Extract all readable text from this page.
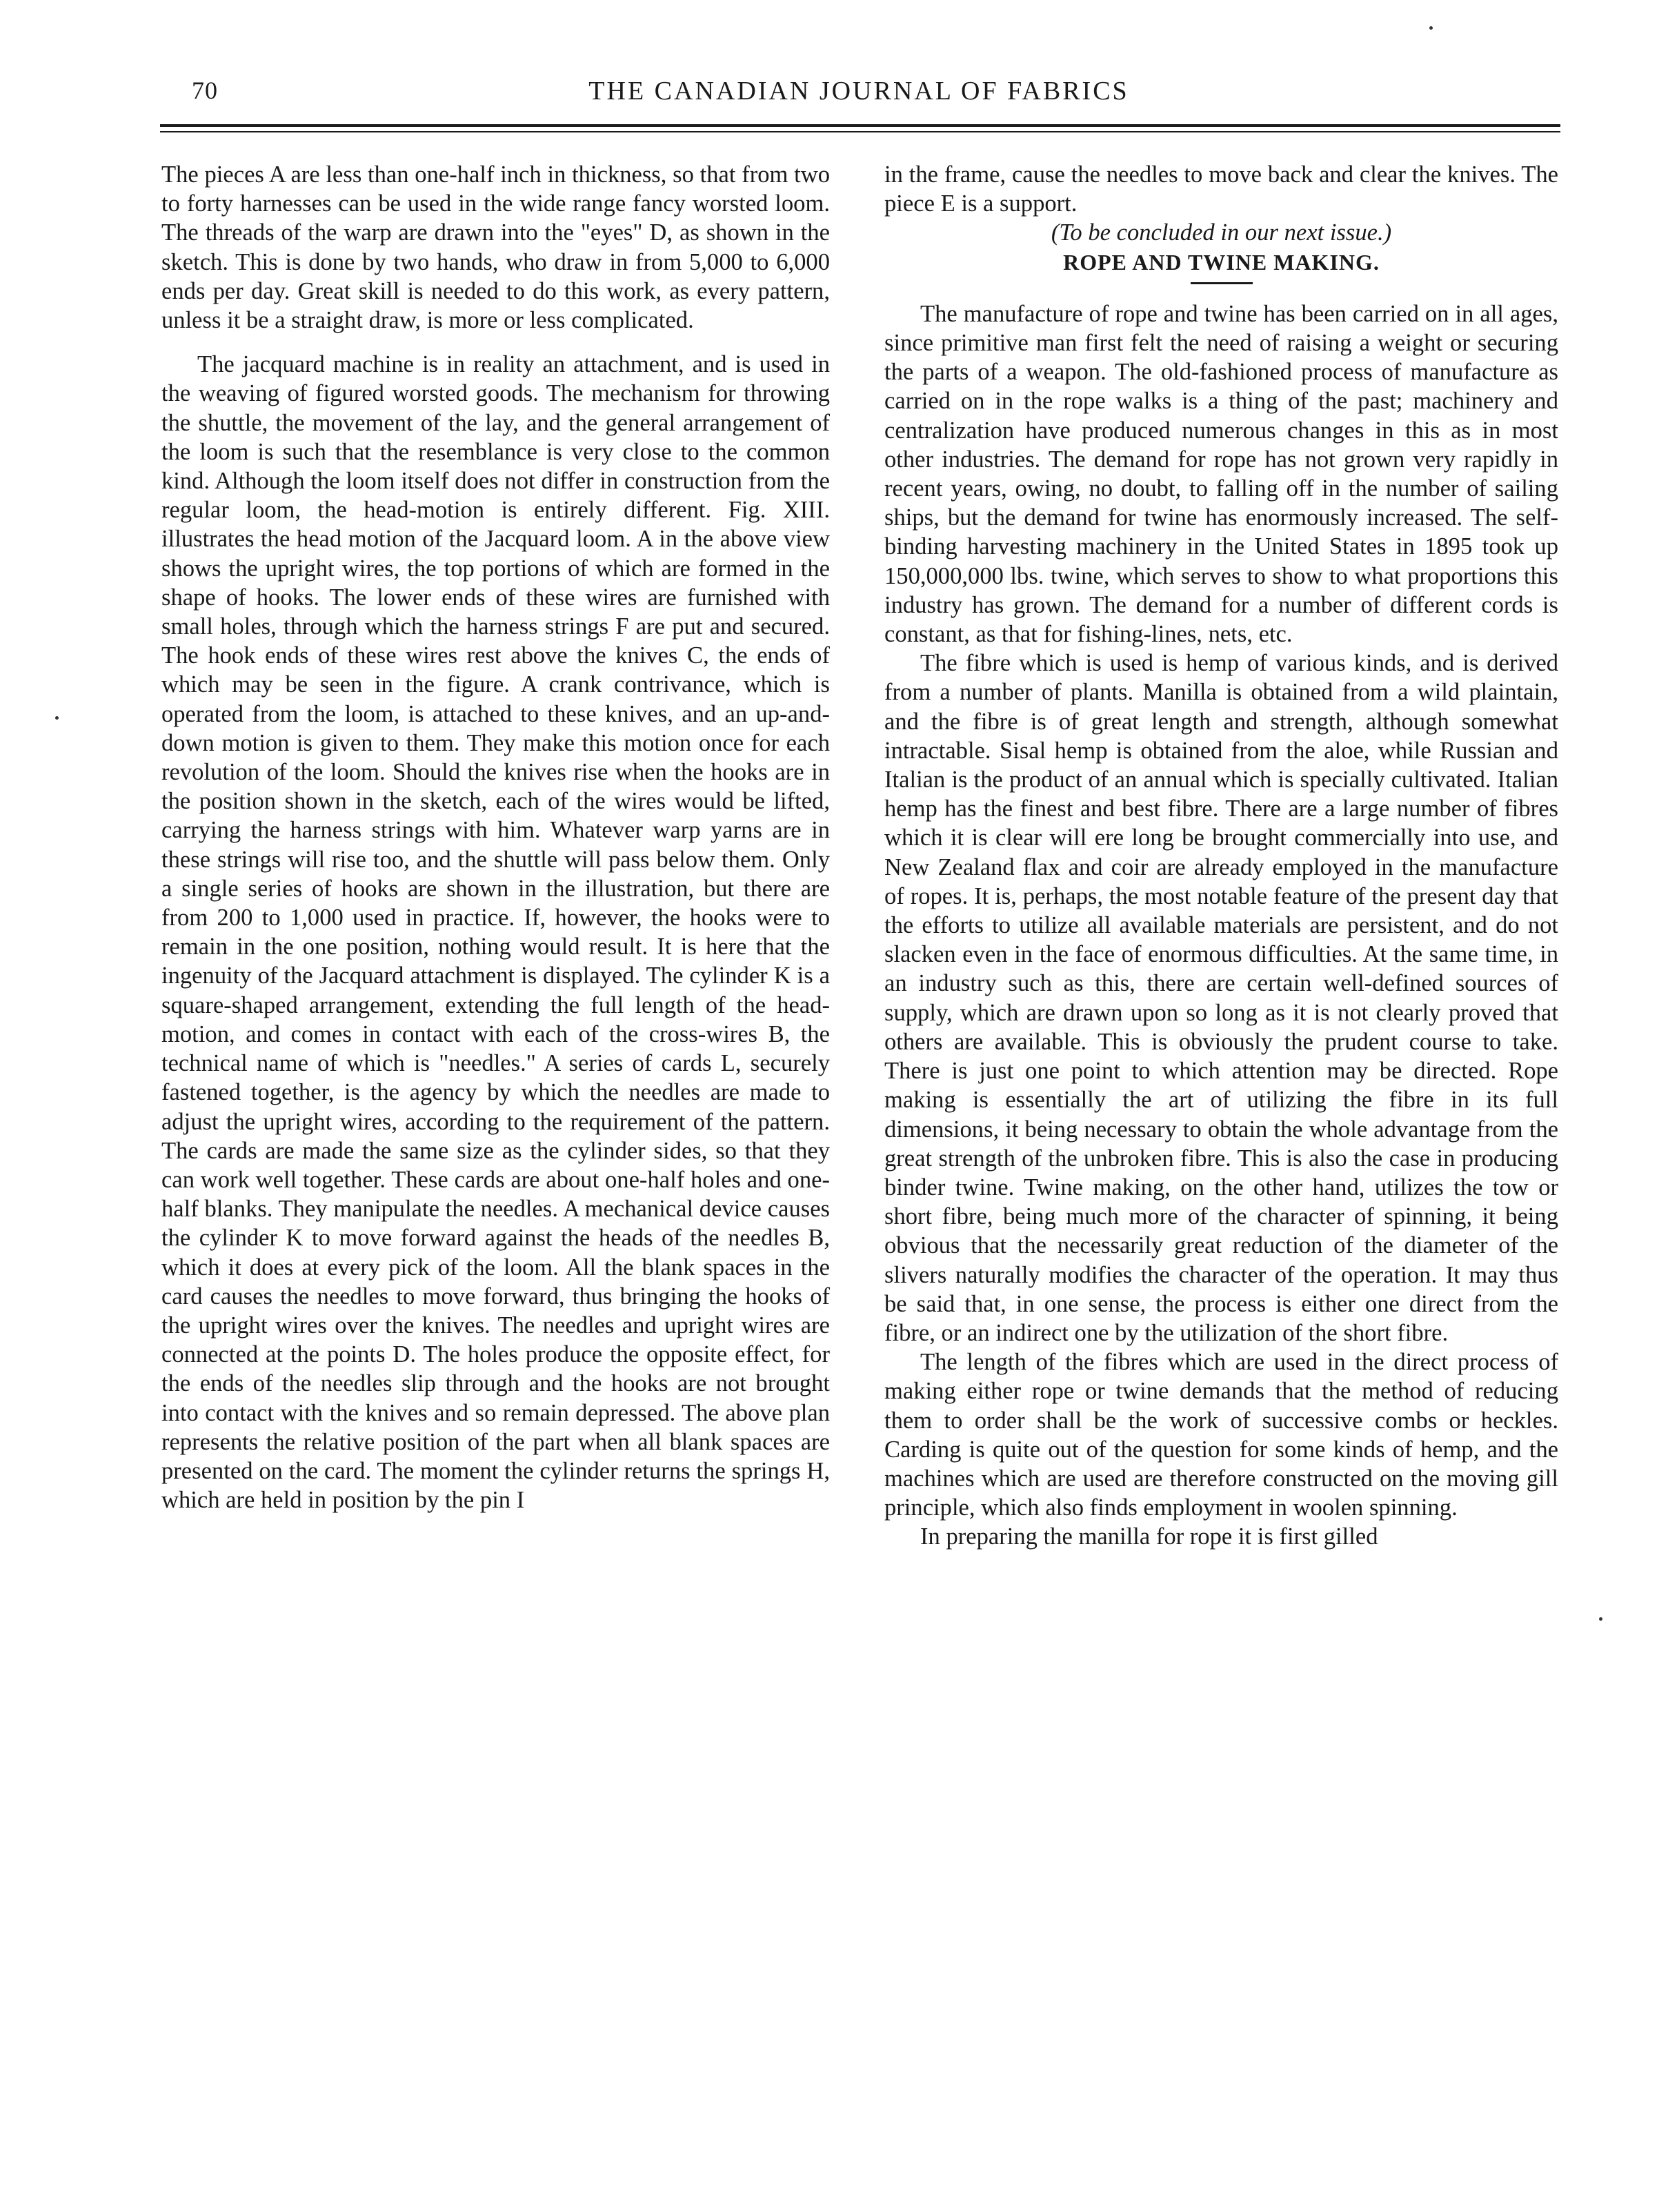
70	THE CANADIAN JOURNAL OF FABRICS

The pieces A are less than one-half inch in thickness, so that from two to forty harnesses can be used in the wide range fancy worsted loom. The threads of the warp are drawn into the "eyes" D, as shown in the sketch. This is done by two hands, who draw in from 5,000 to 6,000 ends per day. Great skill is needed to do this work, as every pattern, unless it be a straight draw, is more or less complicated.

The jacquard machine is in reality an attachment, and is used in the weaving of figured worsted goods. The mechanism for throwing the shuttle, the movement of the lay, and the general arrangement of the loom is such that the resemblance is very close to the common kind. Although the loom itself does not differ in construction from the regular loom, the head-motion is entirely different. Fig. XIII. illustrates the head motion of the Jacquard loom. A in the above view shows the upright wires, the top portions of which are formed in the shape of hooks. The lower ends of these wires are furnished with small holes, through which the harness strings F are put and secured. The hook ends of these wires rest above the knives C, the ends of which may be seen in the figure. A crank contrivance, which is operated from the loom, is attached to these knives, and an up-and-down motion is given to them. They make this motion once for each revolution of the loom. Should the knives rise when the hooks are in the position shown in the sketch, each of the wires would be lifted, carrying the harness strings with him. Whatever warp yarns are in these strings will rise too, and the shuttle will pass below them. Only a single series of hooks are shown in the illustration, but there are from 200 to 1,000 used in practice. If, however, the hooks were to remain in the one position, nothing would result. It is here that the ingenuity of the Jacquard attachment is displayed. The cylinder K is a square-shaped arrangement, extending the full length of the head-motion, and comes in contact with each of the cross-wires B, the technical name of which is "needles." A series of cards L, securely fastened together, is the agency by which the needles are made to adjust the upright wires, according to the requirement of the pattern. The cards are made the same size as the cylinder sides, so that they can work well together. These cards are about one-half holes and one-half blanks. They manipulate the needles. A mechanical device causes the cylinder K to move forward against the heads of the needles B, which it does at every pick of the loom. All the blank spaces in the card causes the needles to move forward, thus bringing the hooks of the upright wires over the knives. The needles and upright wires are connected at the points D. The holes produce the opposite effect, for the ends of the needles slip through and the hooks are not brought into contact with the knives and so remain depressed. The above plan represents the relative position of the part when all blank spaces are presented on the card. The moment the cylinder returns the springs H, which are held in position by the pin I

in the frame, cause the needles to move back and clear the knives. The piece E is a support.

(To be concluded in our next issue.)

ROPE AND TWINE MAKING.

The manufacture of rope and twine has been carried on in all ages, since primitive man first felt the need of raising a weight or securing the parts of a weapon. The old-fashioned process of manufacture as carried on in the rope walks is a thing of the past; machinery and centralization have produced numerous changes in this as in most other industries. The demand for rope has not grown very rapidly in recent years, owing, no doubt, to falling off in the number of sailing ships, but the demand for twine has enormously increased. The self-binding harvesting machinery in the United States in 1895 took up 150,000,000 lbs. twine, which serves to show to what proportions this industry has grown. The demand for a number of different cords is constant, as that for fishing-lines, nets, etc.

The fibre which is used is hemp of various kinds, and is derived from a number of plants. Manilla is obtained from a wild plaintain, and the fibre is of great length and strength, although somewhat intractable. Sisal hemp is obtained from the aloe, while Russian and Italian is the product of an annual which is specially cultivated. Italian hemp has the finest and best fibre. There are a large number of fibres which it is clear will ere long be brought commercially into use, and New Zealand flax and coir are already employed in the manufacture of ropes. It is, perhaps, the most notable feature of the present day that the efforts to utilize all available materials are persistent, and do not slacken even in the face of enormous difficulties. At the same time, in an industry such as this, there are certain well-defined sources of supply, which are drawn upon so long as it is not clearly proved that others are available. This is obviously the prudent course to take. There is just one point to which attention may be directed. Rope making is essentially the art of utilizing the fibre in its full dimensions, it being necessary to obtain the whole advantage from the great strength of the unbroken fibre. This is also the case in producing binder twine. Twine making, on the other hand, utilizes the tow or short fibre, being much more of the character of spinning, it being obvious that the necessarily great reduction of the diameter of the slivers naturally modifies the character of the operation. It may thus be said that, in one sense, the process is either one direct from the fibre, or an indirect one by the utilization of the short fibre.

The length of the fibres which are used in the direct process of making either rope or twine demands that the method of reducing them to order shall be the work of successive combs or heckles. Carding is quite out of the question for some kinds of hemp, and the machines which are used are therefore constructed on the moving gill principle, which also finds employment in woolen spinning.

In preparing the manilla for rope it is first gilled
